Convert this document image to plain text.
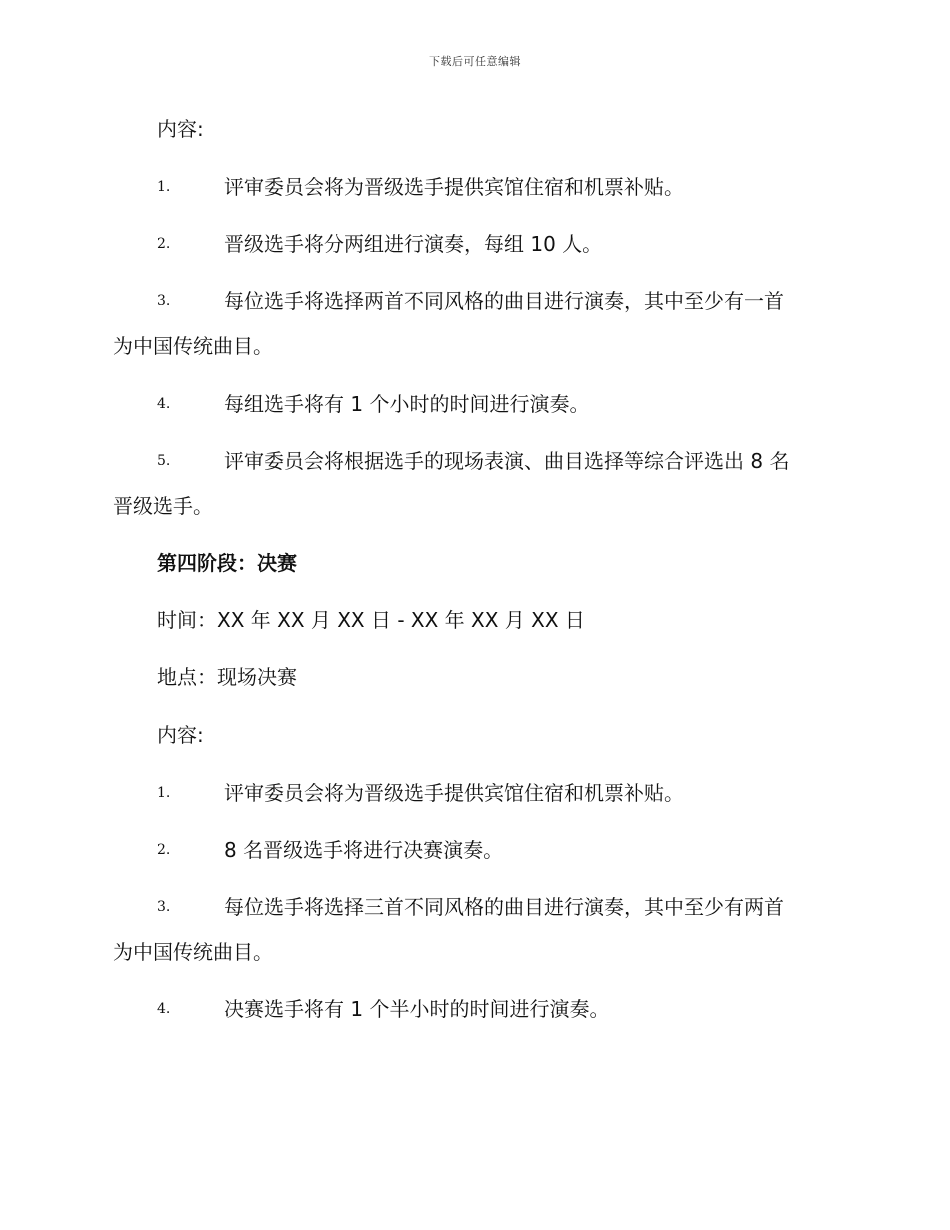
下载后可任意编辑
内容:
1.	评审委员会将为晋级选手提供宾馆住宿和机票补贴。
2.	晋级选手将分两组进行演奏，每组 10 人。
3.	每位选手将选择两首不同风格的曲目进行演奏，其中至少有一首
为中国传统曲目。
4.	每组选手将有 1 个小时的时间进行演奏。
5.	评审委员会将根据选手的现场表演、曲目选择等综合评选出 8 名
晋级选手。
第四阶段：决赛
时间：XX 年 XX 月 XX 日 - XX 年 XX 月 XX 日
地点：现场决赛
内容:
1.	评审委员会将为晋级选手提供宾馆住宿和机票补贴。
2.	8 名晋级选手将进行决赛演奏。
3.	每位选手将选择三首不同风格的曲目进行演奏，其中至少有两首
为中国传统曲目。
4.	决赛选手将有 1 个半小时的时间进行演奏。
